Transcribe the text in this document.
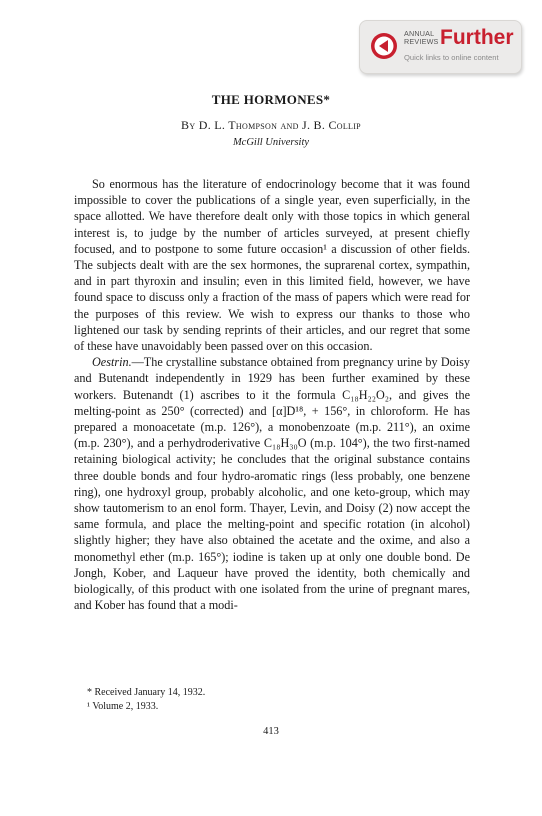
ANNUAL
REVIEWS Further
Quick links to online content
THE HORMONES*
By D. L. Thompson and J. B. Collip
McGill University

So enormous has the literature of endocrinology become that it was found impossible to cover the publications of a single year, even superficially, in the space allotted. We have therefore dealt only with those topics in which general interest is, to judge by the number of articles surveyed, at present chiefly focused, and to postpone to some future occasion¹ a discussion of other fields. The subjects dealt with are the sex hormones, the suprarenal cortex, sympathin, and in part thyroxin and insulin; even in this limited field, however, we have found space to discuss only a fraction of the mass of papers which were read for the purposes of this review. We wish to express our thanks to those who lightened our task by sending reprints of their articles, and our regret that some of these have unavoidably been passed over on this occasion.

Oestrin.—The crystalline substance obtained from pregnancy urine by Doisy and Butenandt independently in 1929 has been further examined by these workers. Butenandt (1) ascribes to it the formula C₁₈H₂₂O₂, and gives the melting-point as 250° (corrected) and [α]D¹⁸, + 156°, in chloroform. He has prepared a monoacetate (m.p. 126°), a monobenzoate (m.p. 211°), an oxime (m.p. 230°), and a perhydroderivative C₁₈H₃₀O (m.p. 104°), the two first-named retaining biological activity; he concludes that the original substance contains three double bonds and four hydro-aromatic rings (less probably, one benzene ring), one hydroxyl group, probably alcoholic, and one keto-group, which may show tautomerism to an enol form. Thayer, Levin, and Doisy (2) now accept the same formula, and place the melting-point and specific rotation (in alcohol) slightly higher; they have also obtained the acetate and the oxime, and also a monomethyl ether (m.p. 165°); iodine is taken up at only one double bond. De Jongh, Kober, and Laqueur have proved the identity, both chemically and biologically, of this product with one isolated from the urine of pregnant mares, and Kober has found that a modi-

* Received January 14, 1932.
¹ Volume 2, 1933.
413
